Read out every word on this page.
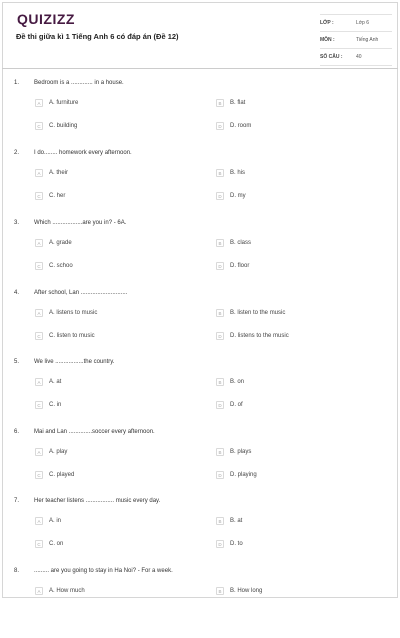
QUIZIZZ
Đề thi giữa kì 1 Tiếng Anh 6 có đáp án (Đề 12)
LỚP :	Lớp 6
MÔN :	Tiếng Anh
SỐ CÂU :	40
1. Bedroom is a ............. in a house.
A	A. furniture	B	B. flat
C	C. building	D	D. room
2. I do........ homework every afternoon.
A	A. their	B	B. his
C	C. her	D	D. my
3. Which ..................are you in? - 6A.
A	A. grade	B	B. class
C	C. schoo	D	D. floor
4. After school, Lan ............................
A	A. listens to music	B	B. listen to the music
C	C. listen to music	D	D. listens to the music
5. We live .................the country.
A	A. at	B	B. on
C	C. in	D	D. of
6. Mai and Lan ..............soccer every afternoon.
A	A. play	B	B. plays
C	C. played	D	D. playing
7. Her teacher listens ................. music every day.
A	A. in	B	B. at
C	C. on	D	D. to
8. ......... are you going to stay in Ha Noi? - For a week.
A	A. How much	B	B. How long
